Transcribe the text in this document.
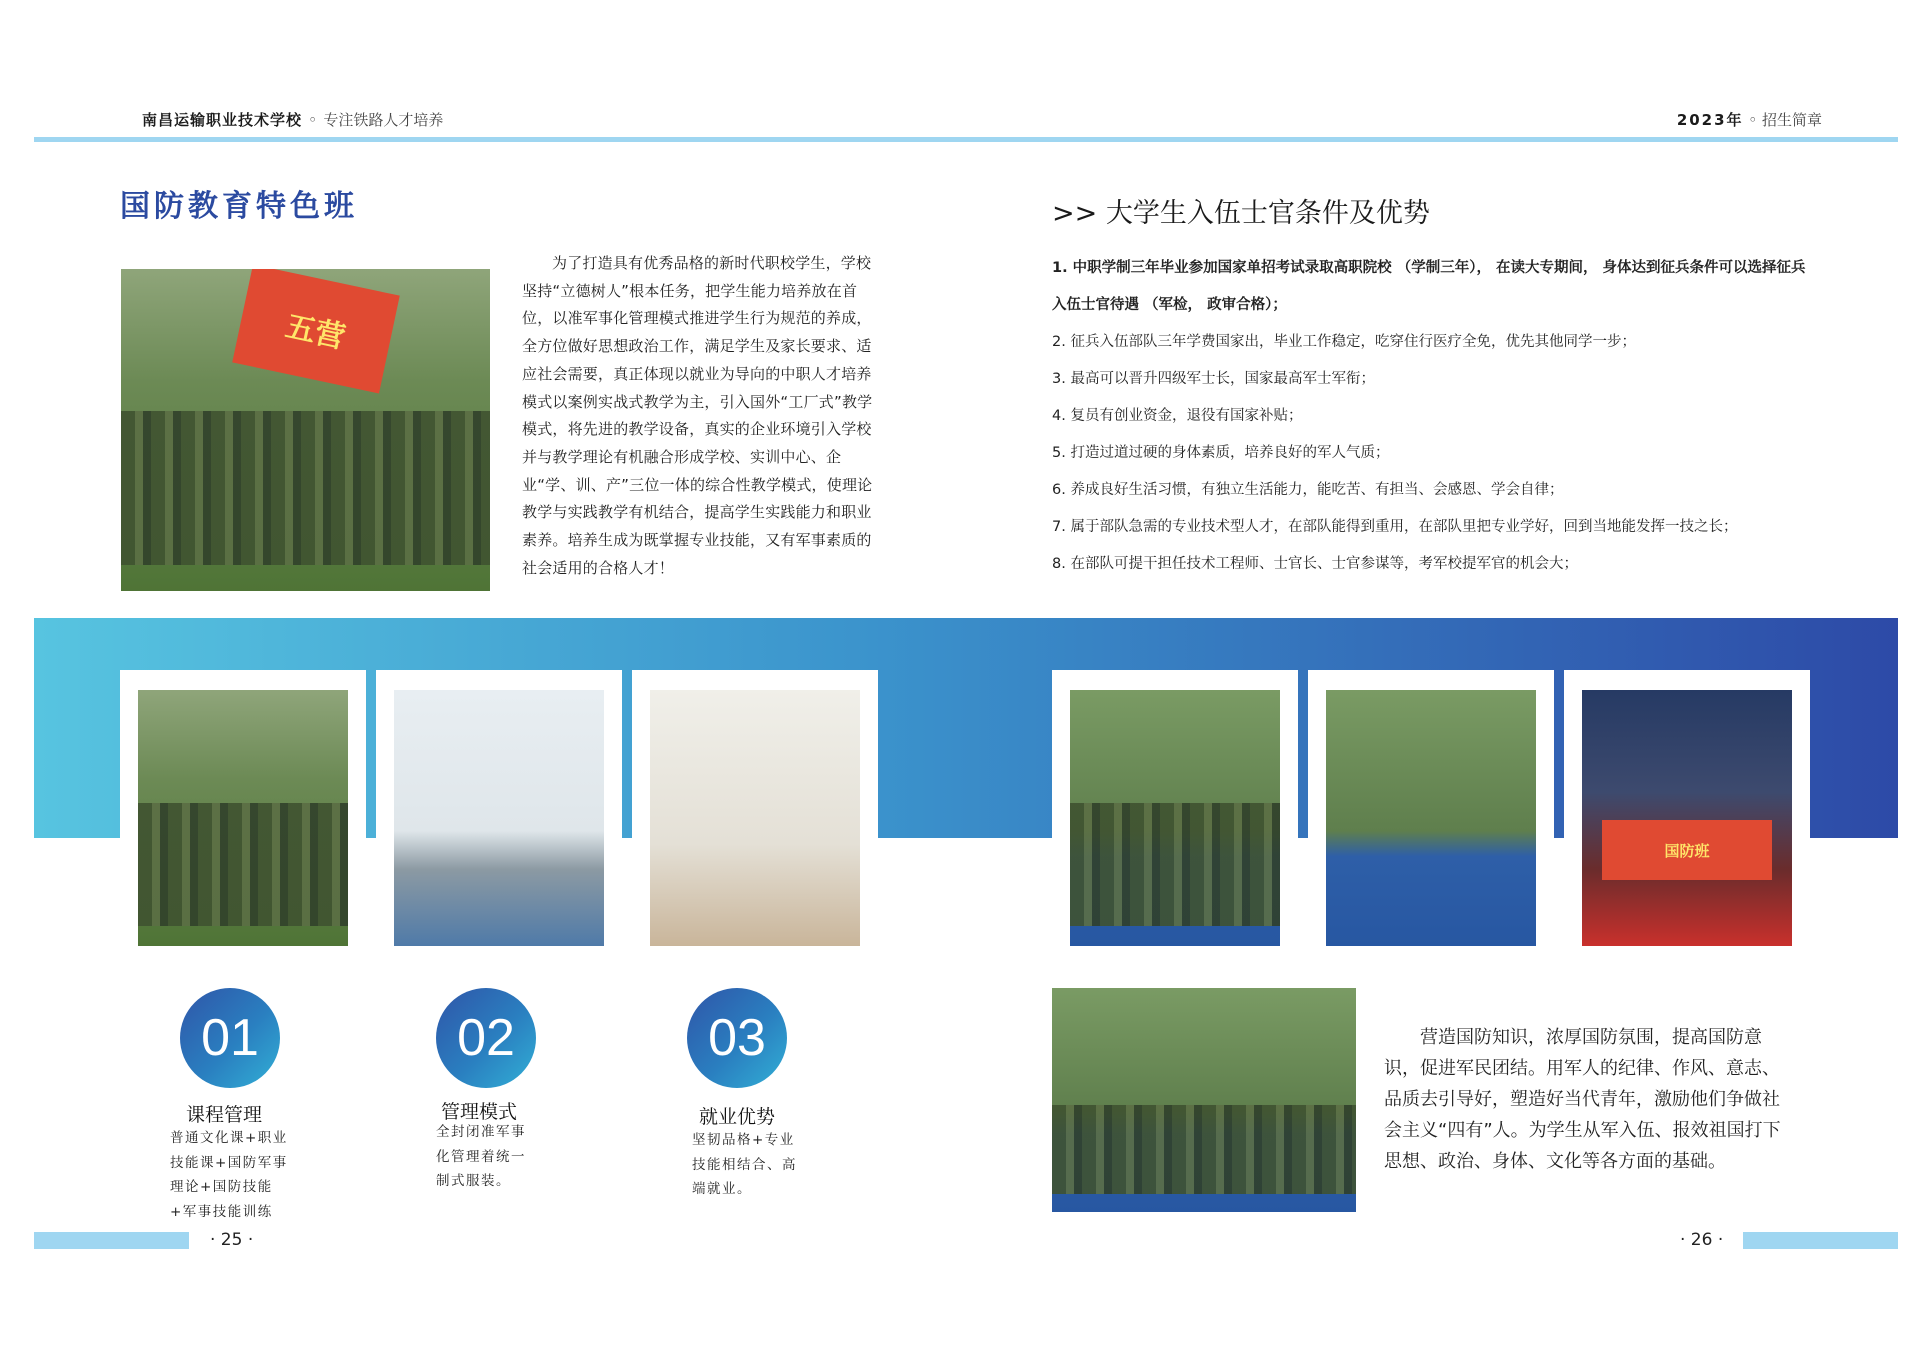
南昌运输职业技术学校 ◦ 专注铁路人才培养	2023年 ◦ 招生简章
国防教育特色班
五营
为了打造具有优秀品格的新时代职校学生，学校坚持“立德树人”根本任务，把学生能力培养放在首位，以准军事化管理模式推进学生行为规范的养成，全方位做好思想政治工作，满足学生及家长要求、适应社会需要，真正体现以就业为导向的中职人才培养模式以案例实战式教学为主，引入国外“工厂式”教学模式，将先进的教学设备，真实的企业环境引入学校并与教学理论有机融合形成学校、实训中心、企业“学、训、产”三位一体的综合性教学模式，使理论教学与实践教学有机结合，提高学生实践能力和职业素养。培养生成为既掌握专业技能，又有军事素质的社会适用的合格人才！
>> 大学生入伍士官条件及优势
1. 中职学制三年毕业参加国家单招考试录取高职院校 （学制三年）， 在读大专期间， 身体达到征兵条件可以选择征兵入伍士官待遇 （军检， 政审合格）；
2. 征兵入伍部队三年学费国家出，毕业工作稳定，吃穿住行医疗全免，优先其他同学一步；
3. 最高可以晋升四级军士长，国家最高军士军衔；
4. 复员有创业资金，退役有国家补贴；
5. 打造过道过硬的身体素质，培养良好的军人气质；
6. 养成良好生活习惯，有独立生活能力，能吃苦、有担当、会感恩、学会自律；
7. 属于部队急需的专业技术型人才，在部队能得到重用，在部队里把专业学好，回到当地能发挥一技之长；
8. 在部队可提干担任技术工程师、士官长、士官参谋等，考军校提军官的机会大；
国防班
01
课程管理
普通文化课+职业技能课+国防军事理论+国防技能+军事技能训练
02
管理模式
全封闭准军事化管理着统一制式服装。
03
就业优势
坚韧品格+专业技能相结合、高端就业。
营造国防知识，浓厚国防氛围，提高国防意识，促进军民团结。用军人的纪律、作风、意志、品质去引导好，塑造好当代青年，激励他们争做社会主义“四有”人。为学生从军入伍、报效祖国打下思想、政治、身体、文化等各方面的基础。
· 25 ·	· 26 ·
